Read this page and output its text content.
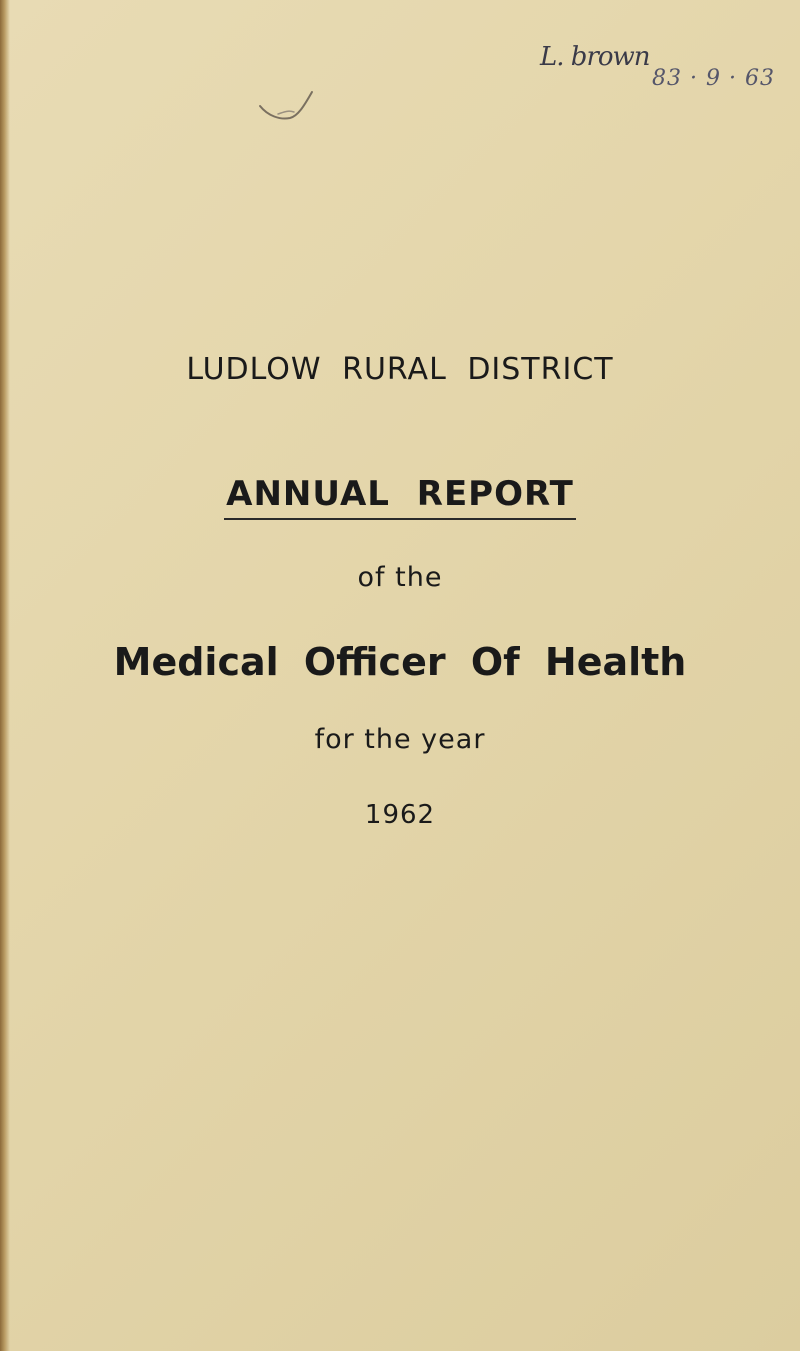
L. brown
83 · 9 · 63
LUDLOW RURAL DISTRICT
ANNUAL REPORT
of the
Medical Officer Of Health
for the year
1962
